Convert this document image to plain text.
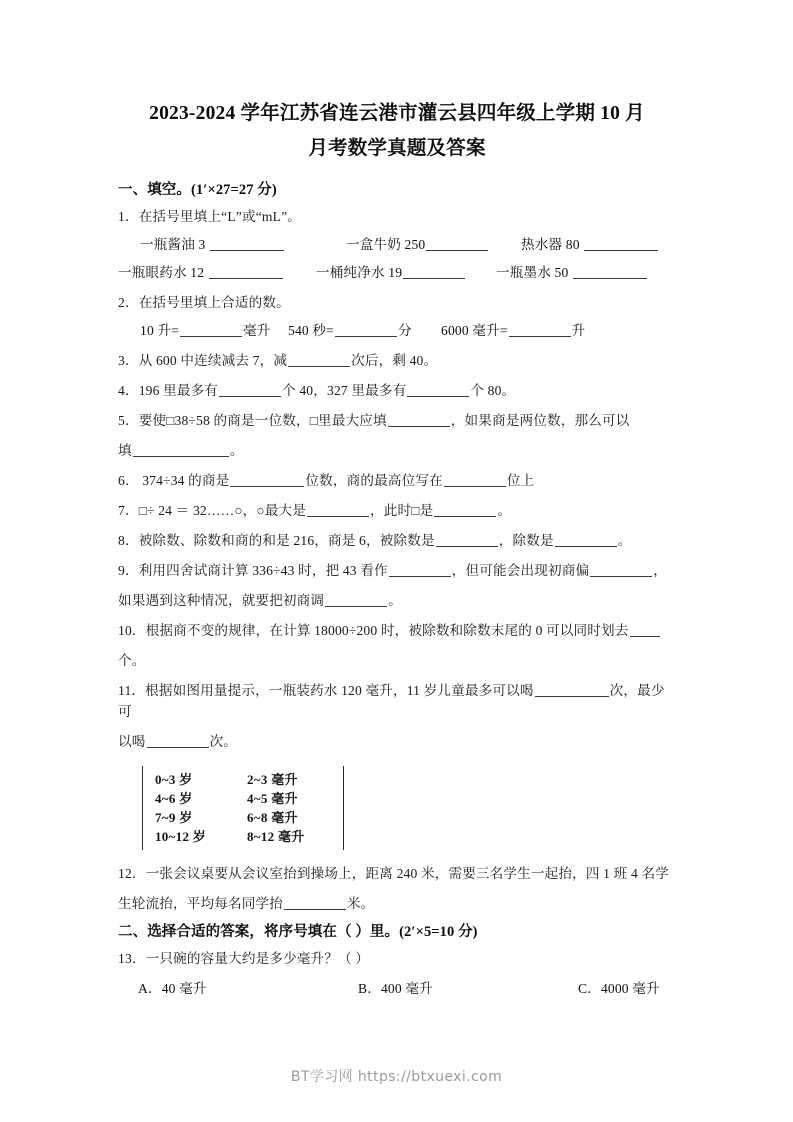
2023-2024 学年江苏省连云港市灌云县四年级上学期 10 月
月考数学真题及答案

一、填空。(1′×27=27 分)

1．在括号里填上“L”或“mL”。

一瓶酱油 3	一盒牛奶 250	热水器 80
一瓶眼药水 12	一桶纯净水 19	一瓶墨水 50

2．在括号里填上合适的数。

10 升=	毫升	540 秒=	分	6000 毫升=	升

3．从 600 中连续减去 7，减	次后，剩 40。

4．196 里最多有	个 40，327 里最多有	个 80。

5．要使□38÷58 的商是一位数，□里最大应填	，如果商是两位数，那么可以

填	。

6． 374÷34 的商是	位数，商的最高位写在	位上

7．□÷ 24 ＝ 32……○，○最大是	，此时□是	。

8．被除数、除数和商的和是 216，商是 6，被除数是	，除数是	。

9．利用四舍试商计算 336÷43 时，把 43 看作	，但可能会出现初商偏	，

如果遇到这种情况，就要把初商调	。

10．根据商不变的规律，在计算 18000÷200 时，被除数和除数末尾的 0 可以同时划去

个。

11．根据如图用量提示，一瓶装药水 120 毫升，11 岁儿童最多可以喝	次，最少可

以喝	次。

0~3 岁	2~3 毫升
4~6 岁	4~5 毫升
7~9 岁	6~8 毫升
10~12 岁	8~12 毫升

12．一张会议桌要从会议室抬到操场上，距离 240 米，需要三名学生一起抬，四 1 班 4 名学

生轮流抬，平均每名同学抬	米。

二、选择合适的答案，将序号填在（ ）里。(2′×5=10 分)

13．一只碗的容量大约是多少毫升？（ ）

A．40 毫升	B．400 毫升	C．4000 毫升
BT学习网 https://btxuexi.com
